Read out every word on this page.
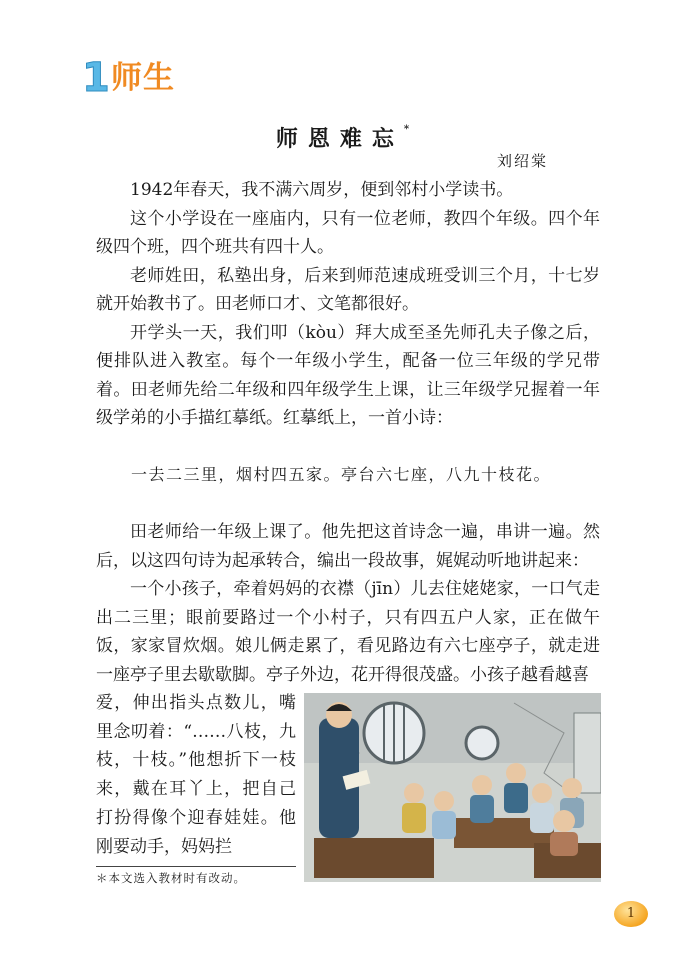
1 师生
师恩难忘*
刘绍棠

1942年春天，我不满六周岁，便到邻村小学读书。

这个小学设在一座庙内，只有一位老师，教四个年级。四个年级四个班，四个班共有四十人。

老师姓田，私塾出身，后来到师范速成班受训三个月，十七岁就开始教书了。田老师口才、文笔都很好。

开学头一天，我们叩（kòu）拜大成至圣先师孔夫子像之后，便排队进入教室。每个一年级小学生，配备一位三年级的学兄带着。田老师先给二年级和四年级学生上课，让三年级学兄握着一年级学弟的小手描红摹纸。红摹纸上，一首小诗：

一去二三里，烟村四五家。亭台六七座，八九十枝花。

田老师给一年级上课了。他先把这首诗念一遍，串讲一遍。然后，以这四句诗为起承转合，编出一段故事，娓娓动听地讲起来：

一个小孩子，牵着妈妈的衣襟（jīn）儿去住姥姥家，一口气走出二三里；眼前要路过一个小村子，只有四五户人家，正在做午饭，家家冒炊烟。娘儿俩走累了，看见路边有六七座亭子，就走进一座亭子里去歇歇脚。亭子外边，花开得很茂盛。小孩子越看越喜

爱，伸出指头点数儿，嘴里念叨着：“……八枝，九枝，十枝。”他想折下一枝来，戴在耳丫上，把自己打扮得像个迎春娃娃。他刚要动手，妈妈拦
＊本文选入教材时有改动。
1
